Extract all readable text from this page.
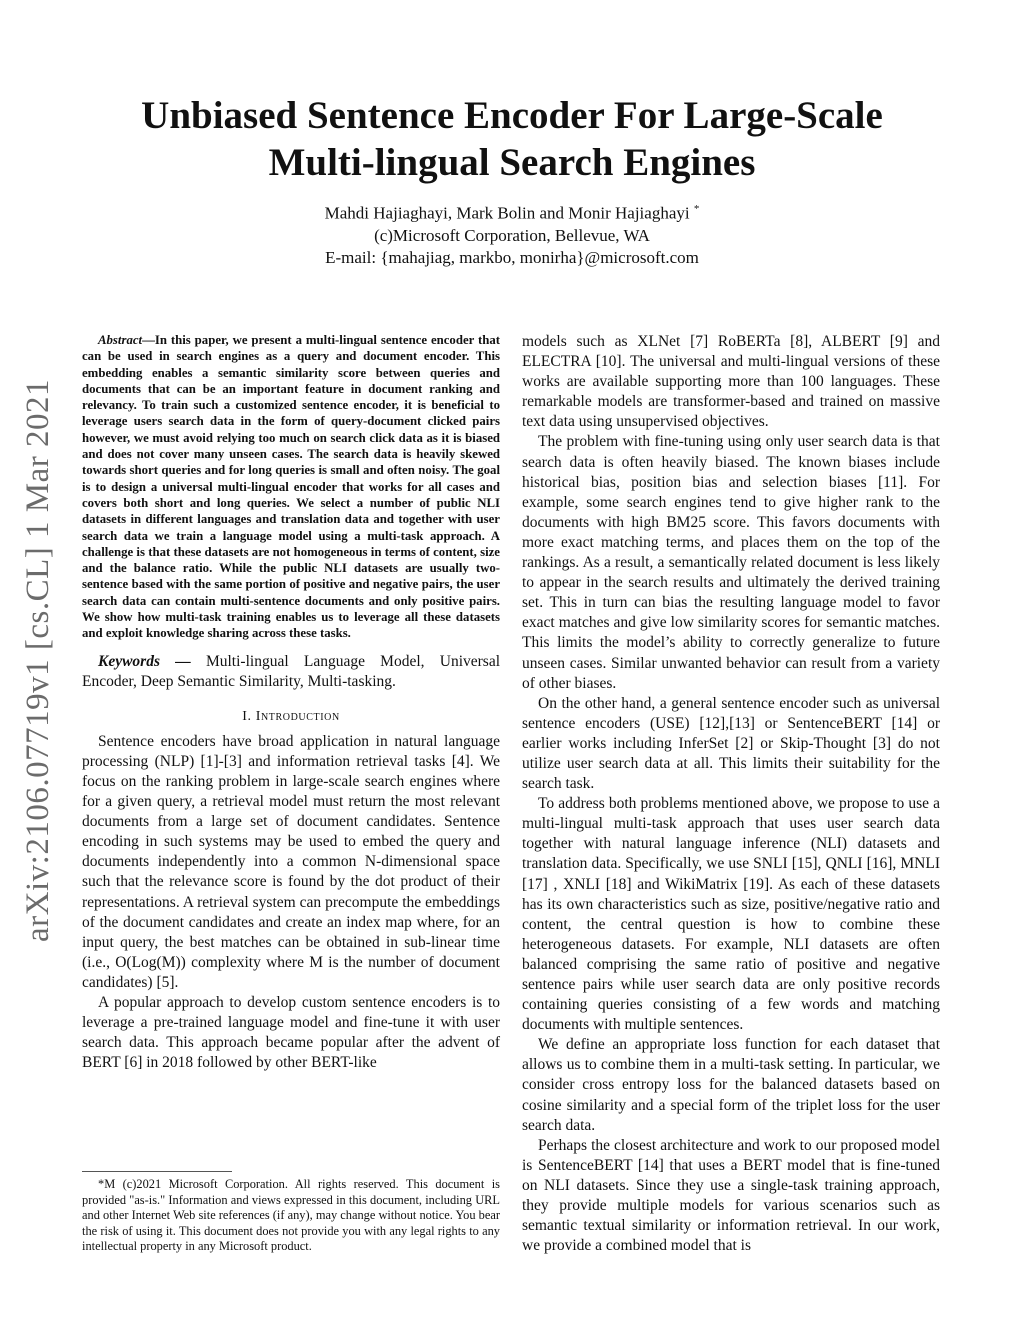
arXiv:2106.07719v1 [cs.CL] 1 Mar 2021
Unbiased Sentence Encoder For Large-Scale
Multi-lingual Search Engines
Mahdi Hajiaghayi, Mark Bolin and Monir Hajiaghayi *
(c)Microsoft Corporation, Bellevue, WA
E-mail: {mahajiag, markbo, monirha}@microsoft.com

Abstract—In this paper, we present a multi-lingual sentence encoder that can be used in search engines as a query and document encoder. This embedding enables a semantic similarity score between queries and documents that can be an important feature in document ranking and relevancy. To train such a customized sentence encoder, it is beneficial to leverage users search data in the form of query-document clicked pairs however, we must avoid relying too much on search click data as it is biased and does not cover many unseen cases. The search data is heavily skewed towards short queries and for long queries is small and often noisy. The goal is to design a universal multi-lingual encoder that works for all cases and covers both short and long queries. We select a number of public NLI datasets in different languages and translation data and together with user search data we train a language model using a multi-task approach. A challenge is that these datasets are not homogeneous in terms of content, size and the balance ratio. While the public NLI datasets are usually two-sentence based with the same portion of positive and negative pairs, the user search data can contain multi-sentence documents and only positive pairs. We show how multi-task training enables us to leverage all these datasets and exploit knowledge sharing across these tasks.

Keywords — Multi-lingual Language Model, Universal Encoder, Deep Semantic Similarity, Multi-tasking.

I. Introduction

Sentence encoders have broad application in natural language processing (NLP) [1]-[3] and information retrieval tasks [4]. We focus on the ranking problem in large-scale search engines where for a given query, a retrieval model must return the most relevant documents from a large set of document candidates. Sentence encoding in such systems may be used to embed the query and documents independently into a common N-dimensional space such that the relevance score is found by the dot product of their representations. A retrieval system can precompute the embeddings of the document candidates and create an index map where, for an input query, the best matches can be obtained in sub-linear time (i.e., O(Log(M)) complexity where M is the number of document candidates) [5].

A popular approach to develop custom sentence encoders is to leverage a pre-trained language model and fine-tune it with user search data. This approach became popular after the advent of BERT [6] in 2018 followed by other BERT-like

*M (c)2021 Microsoft Corporation. All rights reserved. This document is provided "as-is." Information and views expressed in this document, including URL and other Internet Web site references (if any), may change without notice. You bear the risk of using it. This document does not provide you with any legal rights to any intellectual property in any Microsoft product.

models such as XLNet [7] RoBERTa [8], ALBERT [9] and ELECTRA [10]. The universal and multi-lingual versions of these works are available supporting more than 100 languages. These remarkable models are transformer-based and trained on massive text data using unsupervised objectives.

The problem with fine-tuning using only user search data is that search data is often heavily biased. The known biases include historical bias, position bias and selection biases [11]. For example, some search engines tend to give higher rank to the documents with high BM25 score. This favors documents with more exact matching terms, and places them on the top of the rankings. As a result, a semantically related document is less likely to appear in the search results and ultimately the derived training set. This in turn can bias the resulting language model to favor exact matches and give low similarity scores for semantic matches. This limits the model’s ability to correctly generalize to future unseen cases. Similar unwanted behavior can result from a variety of other biases.

On the other hand, a general sentence encoder such as universal sentence encoders (USE) [12],[13] or SentenceBERT [14] or earlier works including InferSet [2] or Skip-Thought [3] do not utilize user search data at all. This limits their suitability for the search task.

To address both problems mentioned above, we propose to use a multi-lingual multi-task approach that uses user search data together with natural language inference (NLI) datasets and translation data. Specifically, we use SNLI [15], QNLI [16], MNLI [17] , XNLI [18] and WikiMatrix [19]. As each of these datasets has its own characteristics such as size, positive/negative ratio and content, the central question is how to combine these heterogeneous datasets. For example, NLI datasets are often balanced comprising the same ratio of positive and negative sentence pairs while user search data are only positive records containing queries consisting of a few words and matching documents with multiple sentences.

We define an appropriate loss function for each dataset that allows us to combine them in a multi-task setting. In particular, we consider cross entropy loss for the balanced datasets based on cosine similarity and a special form of the triplet loss for the user search data.

Perhaps the closest architecture and work to our proposed model is SentenceBERT [14] that uses a BERT model that is fine-tuned on NLI datasets. Since they use a single-task training approach, they provide multiple models for various scenarios such as semantic textual similarity or information retrieval. In our work, we provide a combined model that is
